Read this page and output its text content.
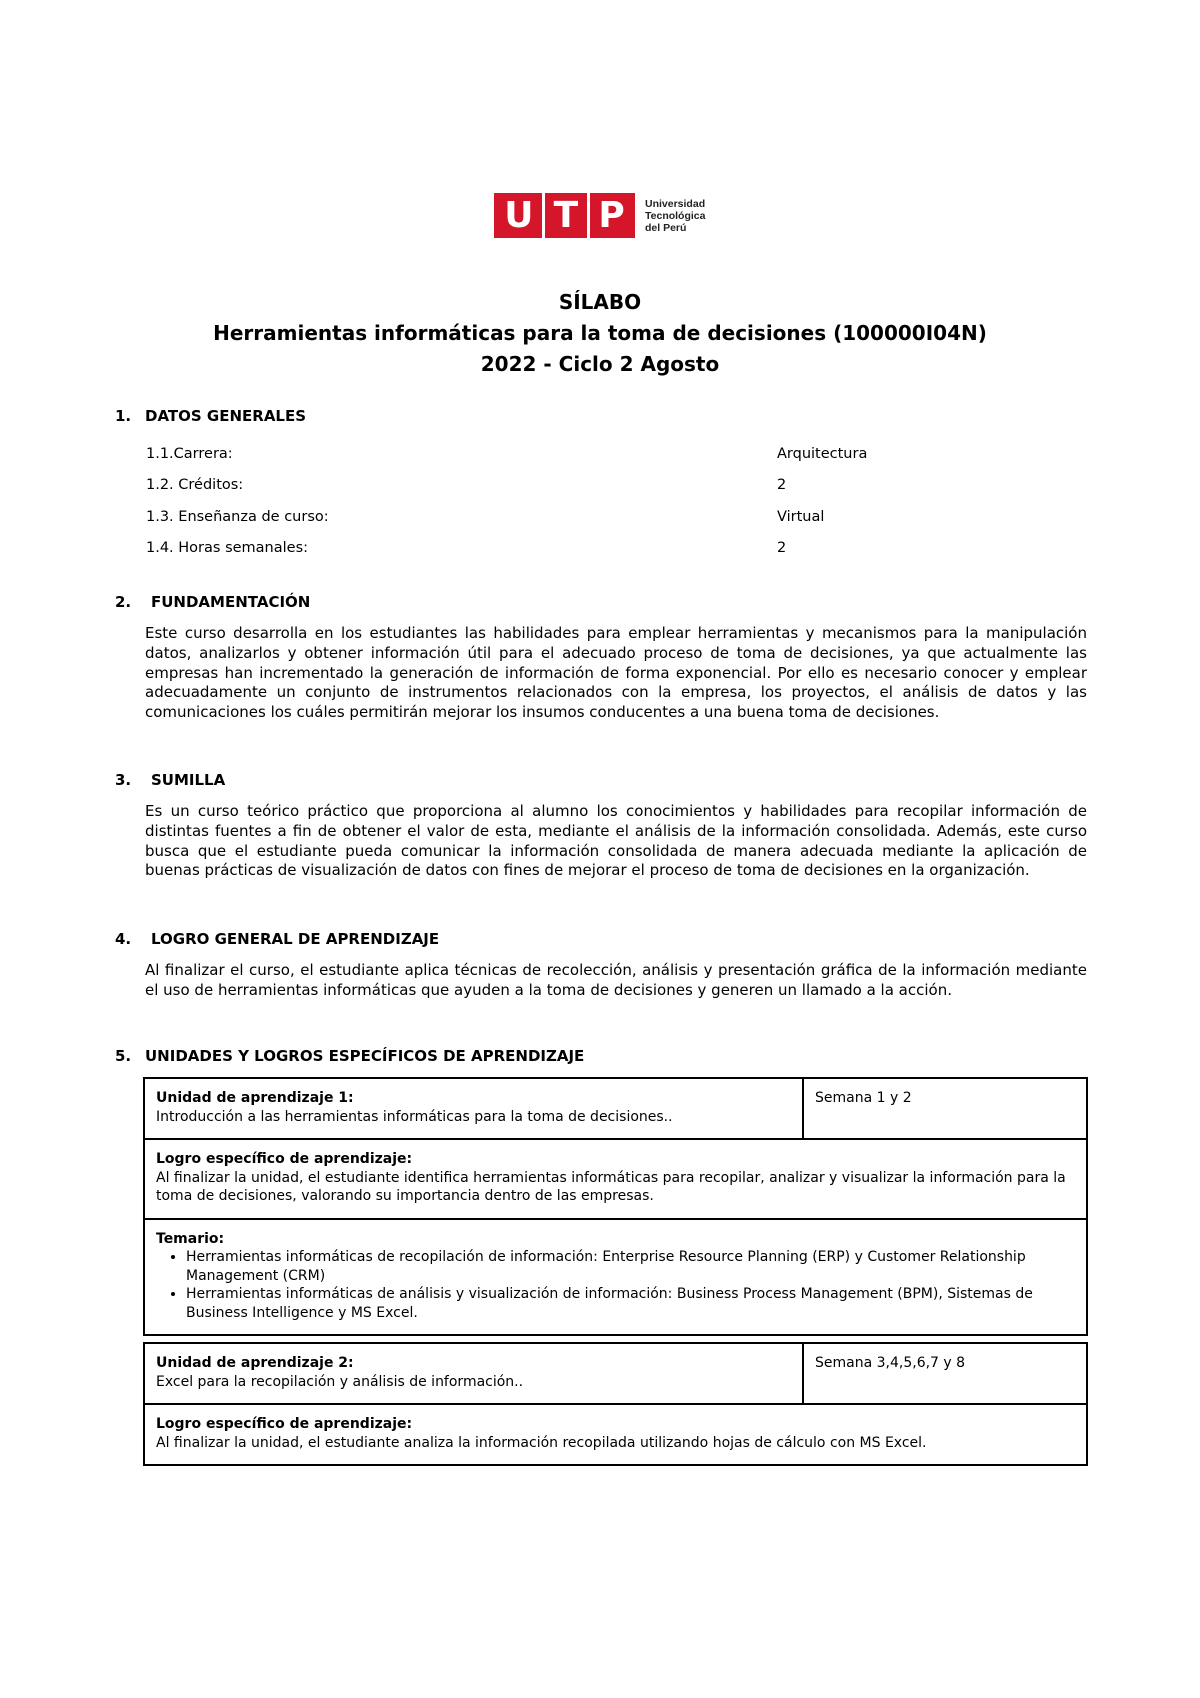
U T P Universidad
Tecnológica
del Perú
SÍLABO
Herramientas informáticas para la toma de decisiones (100000I04N)
2022 - Ciclo 2 Agosto
1. DATOS GENERALES
1.1.Carrera:	Arquitectura
1.2. Créditos:	2
1.3. Enseñanza de curso:	Virtual
1.4. Horas semanales:	2
2. FUNDAMENTACIÓN
Este curso desarrolla en los estudiantes las habilidades para emplear herramientas y mecanismos para la manipulación datos, analizarlos y obtener información útil para el adecuado proceso de toma de decisiones, ya que actualmente las empresas han incrementado la generación de información de forma exponencial. Por ello es necesario conocer y emplear adecuadamente un conjunto de instrumentos relacionados con la empresa, los proyectos, el análisis de datos y las comunicaciones los cuáles permitirán mejorar los insumos conducentes a una buena toma de decisiones.
3. SUMILLA
Es un curso teórico práctico que proporciona al alumno los conocimientos y habilidades para recopilar información de distintas fuentes a fin de obtener el valor de esta, mediante el análisis de la información consolidada. Además, este curso busca que el estudiante pueda comunicar la información consolidada de manera adecuada mediante la aplicación de buenas prácticas de visualización de datos con fines de mejorar el proceso de toma de decisiones en la organización.
4. LOGRO GENERAL DE APRENDIZAJE
Al finalizar el curso, el estudiante aplica técnicas de recolección, análisis y presentación gráfica de la información mediante el uso de herramientas informáticas que ayuden a la toma de decisiones y generen un llamado a la acción.
5. UNIDADES Y LOGROS ESPECÍFICOS DE APRENDIZAJE
Unidad de aprendizaje 1:
Introducción a las herramientas informáticas para la toma de decisiones..

Semana 1 y 2

Logro específico de aprendizaje:
Al finalizar la unidad, el estudiante identifica herramientas informáticas para recopilar, analizar y visualizar la información para la toma de decisiones, valorando su importancia dentro de las empresas.

Temario:
• Herramientas informáticas de recopilación de información: Enterprise Resource Planning (ERP) y Customer Relationship Management (CRM)
• Herramientas informáticas de análisis y visualización de información: Business Process Management (BPM), Sistemas de Business Intelligence y MS Excel.
Unidad de aprendizaje 2:
Excel para la recopilación y análisis de información..

Semana 3,4,5,6,7 y 8

Logro específico de aprendizaje:
Al finalizar la unidad, el estudiante analiza la información recopilada utilizando hojas de cálculo con MS Excel.
